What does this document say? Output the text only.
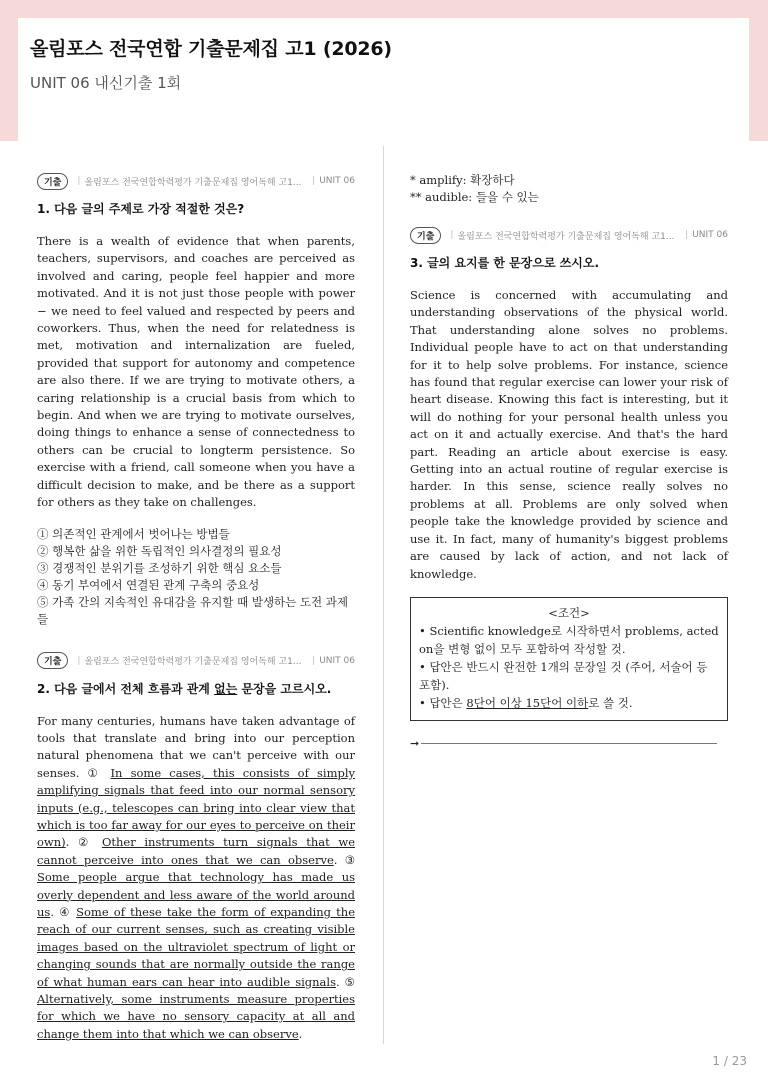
올림포스 전국연합 기출문제집 고1 (2026)
UNIT 06 내신기출 1회
기출	| 올림포스 전국연합학력평가 기출문제집 영어독해 고1...	| UNIT 06
1. 다음 글의 주제로 가장 적절한 것은?

There is a wealth of evidence that when parents, teachers, supervisors, and coaches are perceived as involved and caring, people feel happier and more motivated. And it is not just those people with power − we need to feel valued and respected by peers and coworkers. Thus, when the need for relatedness is met, motivation and internalization are fueled, provided that support for autonomy and competence are also there. If we are trying to motivate others, a caring relationship is a crucial basis from which to begin. And when we are trying to motivate ourselves, doing things to enhance a sense of connectedness to others can be crucial to longterm persistence. So exercise with a friend, call someone when you have a difficult decision to make, and be there as a support for others as they take on challenges.

① 의존적인 관계에서 벗어나는 방법들
② 행복한 삶을 위한 독립적인 의사결정의 필요성
③ 경쟁적인 분위기를 조성하기 위한 핵심 요소들
④ 동기 부여에서 연결된 관계 구축의 중요성
⑤ 가족 간의 지속적인 유대감을 유지할 때 발생하는 도전 과제들
기출	| 올림포스 전국연합학력평가 기출문제집 영어독해 고1...	| UNIT 06
2. 다음 글에서 전체 흐름과 관계 없는 문장을 고르시오.

For many centuries, humans have taken advantage of tools that translate and bring into our perception natural phenomena that we can't perceive with our senses. ① In some cases, this consists of simply amplifying signals that feed into our normal sensory inputs (e.g., telescopes can bring into clear view that which is too far away for our eyes to perceive on their own). ② Other instruments turn signals that we cannot perceive into ones that we can observe. ③ Some people argue that technology has made us overly dependent and less aware of the world around us. ④ Some of these take the form of expanding the reach of our current senses, such as creating visible images based on the ultraviolet spectrum of light or changing sounds that are normally outside the range of what human ears can hear into audible signals. ⑤ Alternatively, some instruments measure properties for which we have no sensory capacity at all and change them into that which we can observe.

* amplify: 확장하다
** audible: 들을 수 있는
기출	| 올림포스 전국연합학력평가 기출문제집 영어독해 고1...	| UNIT 06
3. 글의 요지를 한 문장으로 쓰시오.

Science is concerned with accumulating and understanding observations of the physical world. That understanding alone solves no problems. Individual people have to act on that understanding for it to help solve problems. For instance, science has found that regular exercise can lower your risk of heart disease. Knowing this fact is interesting, but it will do nothing for your personal health unless you act on it and actually exercise. And that's the hard part. Reading an article about exercise is easy. Getting into an actual routine of regular exercise is harder. In this sense, science really solves no problems at all. Problems are only solved when people take the knowledge provided by science and use it. In fact, many of humanity's biggest problems are caused by lack of action, and not lack of knowledge.

<조건>
• Scientific knowledge로 시작하면서 problems, acted on을 변형 없이 모두 포함하여 작성할 것.
• 답안은 반드시 완전한 1개의 문장일 것 (주어, 서술어 등 포함).
• 답안은 8단어 이상 15단어 이하로 쓸 것.
➞
1 / 23
